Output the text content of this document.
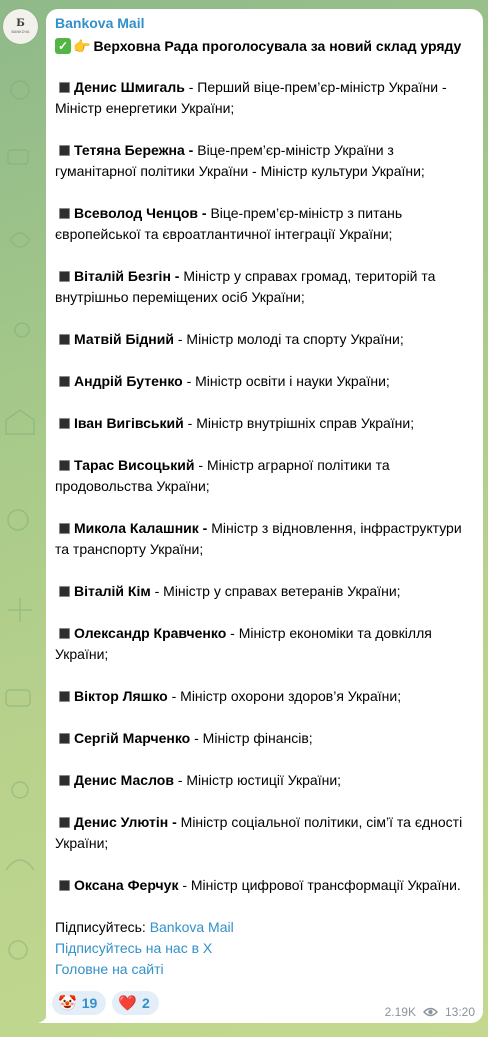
Б
BANKOVA
Bankova Mail
✓ 👉 Верховна Рада проголосувала за новий склад уряду
Денис Шмигаль - Перший віце-прем’єр-міністр України - Міністр енергетики України;
Тетяна Бережна - Віце-прем’єр-міністр України з гуманітарної політики України - Міністр культури України;
Всеволод Ченцов - Віце-прем’єр-міністр з питань європейської та євроатлантичної інтеграції України;
Віталій Безгін - Міністр у справах громад, територій та внутрішньо переміщених осіб України;
Матвій Бідний - Міністр молоді та спорту України;
Андрій Бутенко - Міністр освіти і науки України;
Іван Вигівський - Міністр внутрішніх справ України;
Тарас Висоцький - Міністр аграрної політики та продовольства України;
Микола Калашник - Міністр з відновлення, інфраструктури та транспорту України;
Віталій Кім - Міністр у справах ветеранів України;
Олександр Кравченко - Міністр економіки та довкілля України;
Віктор Ляшко - Міністр охорони здоров’я України;
Сергій Марченко - Міністр фінансів;
Денис Маслов - Міністр юстиції України;
Денис Улютін - Міністр соціальної політики, сім’ї та єдності України;
Оксана Ферчук - Міністр цифрової трансформації України.
Підписуйтесь: Bankova Mail
Підписуйтесь на нас в Х
Головне на сайті
🤡 19 ❤️ 2
2.19K 13:20
